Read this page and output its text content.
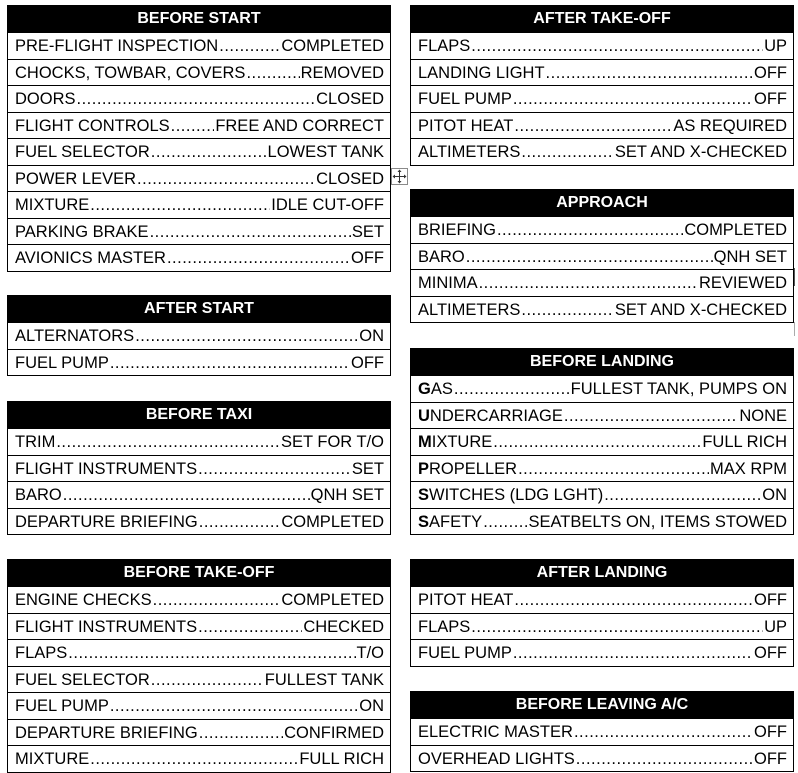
BEFORE START
PRE-FLIGHT INSPECTION .....	COMPLETED
CHOCKS, TOWBAR, COVERS .....	REMOVED
DOORS .....	CLOSED
FLIGHT CONTROLS .....	FREE AND CORRECT
FUEL SELECTOR .....	LOWEST TANK
POWER LEVER .....	CLOSED
MIXTURE .....	IDLE CUT-OFF
PARKING BRAKE .....	SET
AVIONICS MASTER .....	OFF
AFTER START
ALTERNATORS .....	ON
FUEL PUMP .....	OFF
BEFORE TAXI
TRIM .....	SET FOR T/O
FLIGHT INSTRUMENTS .....	SET
BARO .....	QNH SET
DEPARTURE BRIEFING .....	COMPLETED
BEFORE TAKE-OFF
ENGINE CHECKS .....	COMPLETED
FLIGHT INSTRUMENTS .....	CHECKED
FLAPS .....	T/O
FUEL SELECTOR .....	FULLEST TANK
FUEL PUMP .....	ON
DEPARTURE BRIEFING .....	CONFIRMED
MIXTURE .....	FULL RICH
AFTER TAKE-OFF
FLAPS .....	UP
LANDING LIGHT .....	OFF
FUEL PUMP .....	OFF
PITOT HEAT .....	AS REQUIRED
ALTIMETERS .....	SET AND X-CHECKED
APPROACH
BRIEFING .....	COMPLETED
BARO .....	QNH SET
MINIMA .....	REVIEWED
ALTIMETERS .....	SET AND X-CHECKED
BEFORE LANDING
GAS .....	FULLEST TANK, PUMPS ON
UNDERCARRIAGE .....	NONE
MIXTURE .....	FULL RICH
PROPELLER .....	MAX RPM
SWITCHES (LDG LGHT) .....	ON
SAFETY .....	SEATBELTS ON, ITEMS STOWED
AFTER LANDING
PITOT HEAT .....	OFF
FLAPS .....	UP
FUEL PUMP .....	OFF
BEFORE LEAVING A/C
ELECTRIC MASTER .....	OFF
OVERHEAD LIGHTS .....	OFF
